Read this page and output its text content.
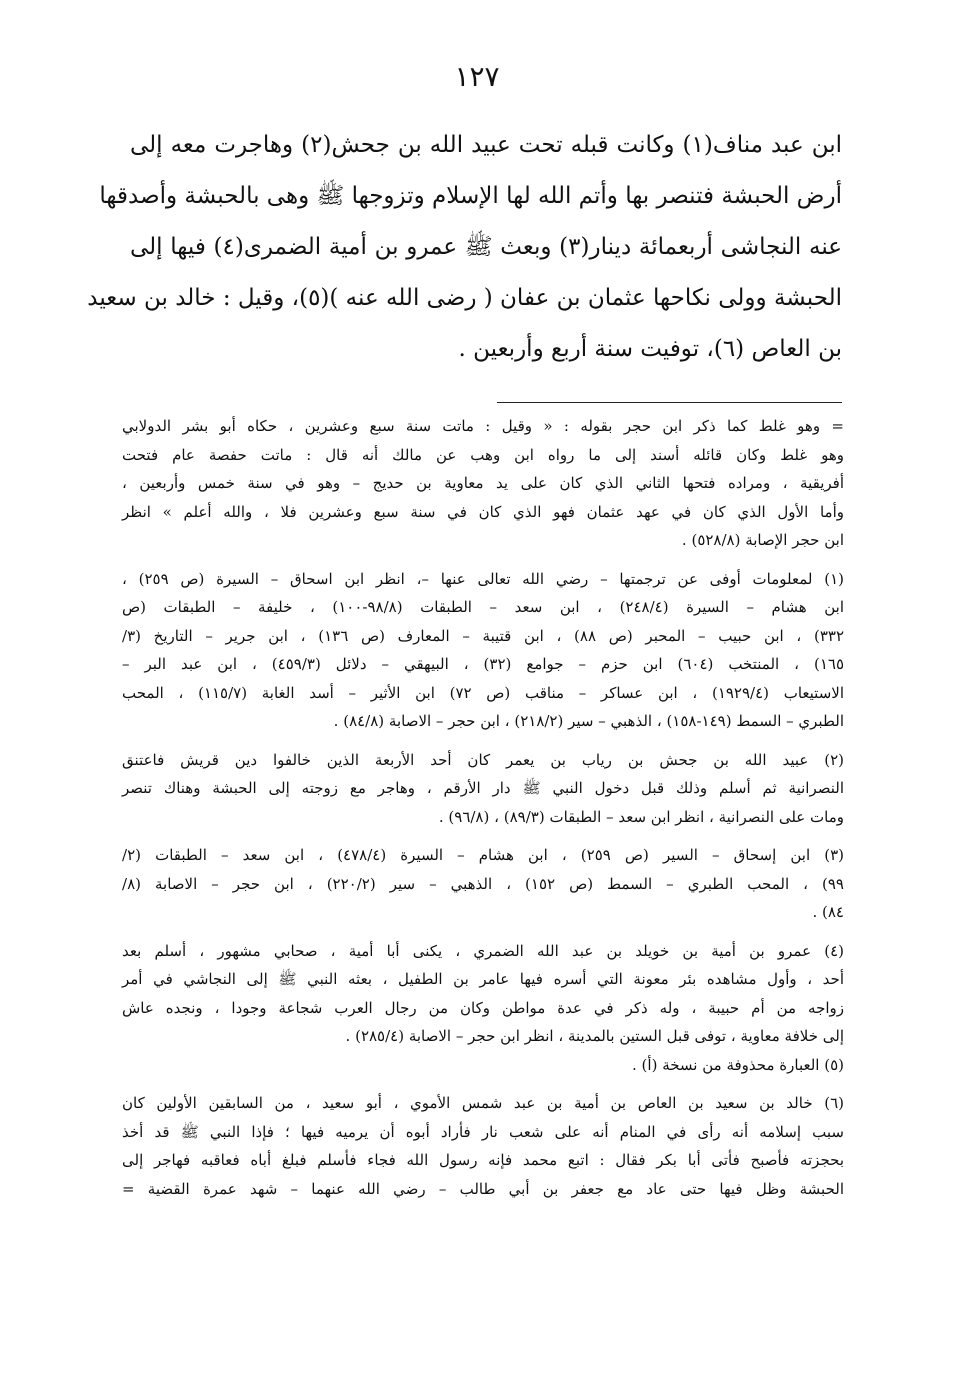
١٢٧
ابن عبد مناف(١) وكانت قبله تحت عبيد الله بن جحش(٢) وهاجرت معه إلى
أرض الحبشة فتنصر بها وأتم الله لها الإسلام وتزوجها ﷺ وهى بالحبشة وأصدقها
عنه النجاشى أربعمائة دينار(٣) وبعث ﷺ عمرو بن أمية الضمرى(٤) فيها إلى
الحبشة وولى نكاحها عثمان بن عفان ( رضى الله عنه )(٥)، وقيل : خالد بن سعيد
بن العاص (٦)، توفيت سنة أربع وأربعين .
= وهو غلط كما ذكر ابن حجر بقوله : « وقيل : ماتت سنة سبع وعشرين ، حكاه أبو بشر الدولابي
وهو غلط وكان قائله أسند إلى ما رواه ابن وهب عن مالك أنه قال : ماتت حفصة عام فتحت
أفريقية ، ومراده فتحها الثاني الذي كان على يد معاوية بن حديج – وهو في سنة خمس وأربعين ،
وأما الأول الذي كان في عهد عثمان فهو الذي كان في سنة سبع وعشرين فلا ، والله أعلم » انظر
ابن حجر الإصابة (٥٢٨/٨) .
(١) لمعلومات أوفى عن ترجمتها – رضي الله تعالى عنها –، انظر ابن اسحاق – السيرة (ص ٢٥٩) ،
ابن هشام – السيرة (٢٤٨/٤) ، ابن سعد – الطبقات (٩٨/٨-١٠٠) ، خليفة – الطبقات (ص
٣٣٢) ، ابن حبيب – المحبر (ص ٨٨) ، ابن قتيبة – المعارف (ص ١٣٦) ، ابن جرير – التاريخ (٣/
١٦٥) ، المنتخب (٦٠٤) ابن حزم – جوامع (٣٢) ، البيهقي – دلائل (٤٥٩/٣) ، ابن عبد البر –
الاستيعاب (١٩٢٩/٤) ، ابن عساكر – مناقب (ص ٧٢) ابن الأثير – أسد الغابة (١١٥/٧) ، المحب
الطبري – السمط (١٤٩-١٥٨) ، الذهبي – سير (٢١٨/٢) ، ابن حجر – الاصابة (٨٤/٨) .
(٢) عبيد الله بن جحش بن رياب بن يعمر كان أحد الأربعة الذين خالفوا دين قريش فاعتنق
النصرانية ثم أسلم وذلك قبل دخول النبي ﷺ دار الأرقم ، وهاجر مع زوجته إلى الحبشة وهناك تنصر
ومات على النصرانية ، انظر ابن سعد – الطبقات (٨٩/٣) ، (٩٦/٨) .
(٣) ابن إسحاق – السير (ص ٢٥٩) ، ابن هشام – السيرة (٤٧٨/٤) ، ابن سعد – الطبقات (٢/
٩٩) ، المحب الطبري – السمط (ص ١٥٢) ، الذهبي – سير (٢٢٠/٢) ، ابن حجر – الاصابة (٨/
٨٤) .
(٤) عمرو بن أمية بن خويلد بن عبد الله الضمري ، يكنى أبا أمية ، صحابي مشهور ، أسلم بعد
أحد ، وأول مشاهده بئر معونة التي أسره فيها عامر بن الطفيل ، بعثه النبي ﷺ إلى النجاشي في أمر
زواجه من أم حبيبة ، وله ذكر في عدة مواطن وكان من رجال العرب شجاعة وجودا ، ونجده عاش
إلى خلافة معاوية ، توفى قبل الستين بالمدينة ، انظر ابن حجر – الاصابة (٢٨٥/٤) .
(٥) العبارة محذوفة من نسخة (أ) .
(٦) خالد بن سعيد بن العاص بن أمية بن عبد شمس الأموي ، أبو سعيد ، من السابقين الأولين كان
سبب إسلامه أنه رأى في المنام أنه على شعب نار فأراد أبوه أن يرميه فيها ؛ فإذا النبي ﷺ قد أخذ
بحجزته فأصبح فأتى أبا بكر فقال : اتبع محمد فإنه رسول الله فجاء فأسلم فبلغ أباه فعاقبه فهاجر إلى
الحبشة وظل فيها حتى عاد مع جعفر بن أبي طالب – رضي الله عنهما – شهد عمرة القضية =
